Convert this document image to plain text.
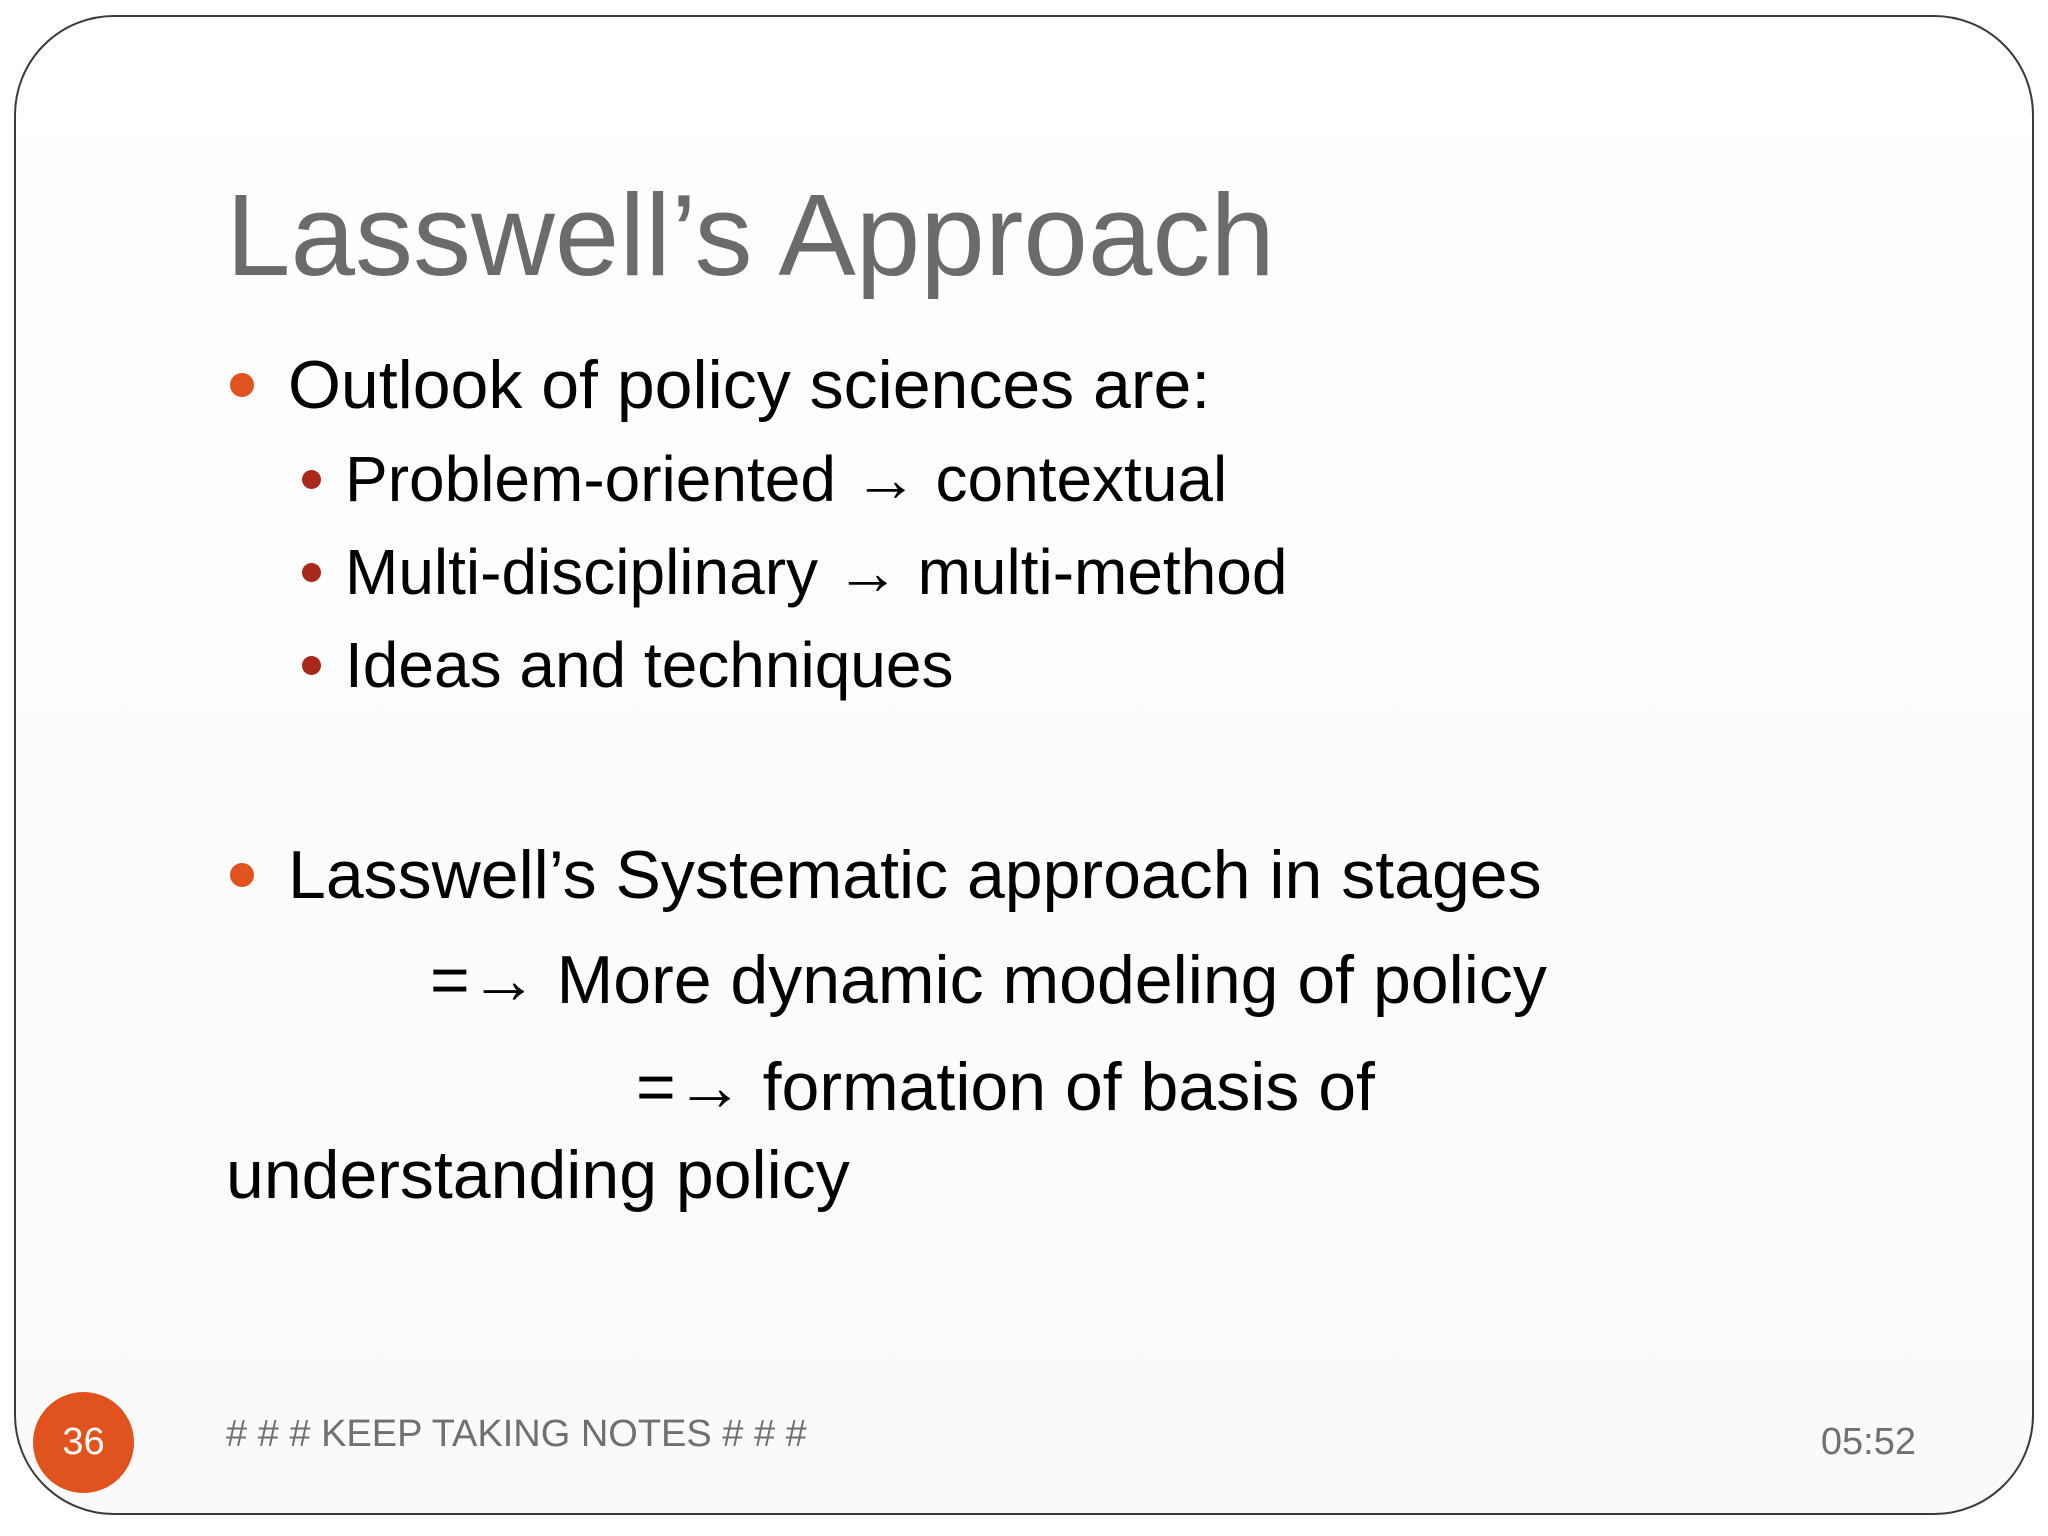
Lasswell’s Approach
Outlook of policy sciences are:
Problem-oriented → contextual
Multi-disciplinary → multi-method
Ideas and techniques
Lasswell’s Systematic approach in stages
=→ More dynamic modeling of policy
=→ formation of basis of
understanding policy
36	# # # KEEP TAKING NOTES # # #	05:52
